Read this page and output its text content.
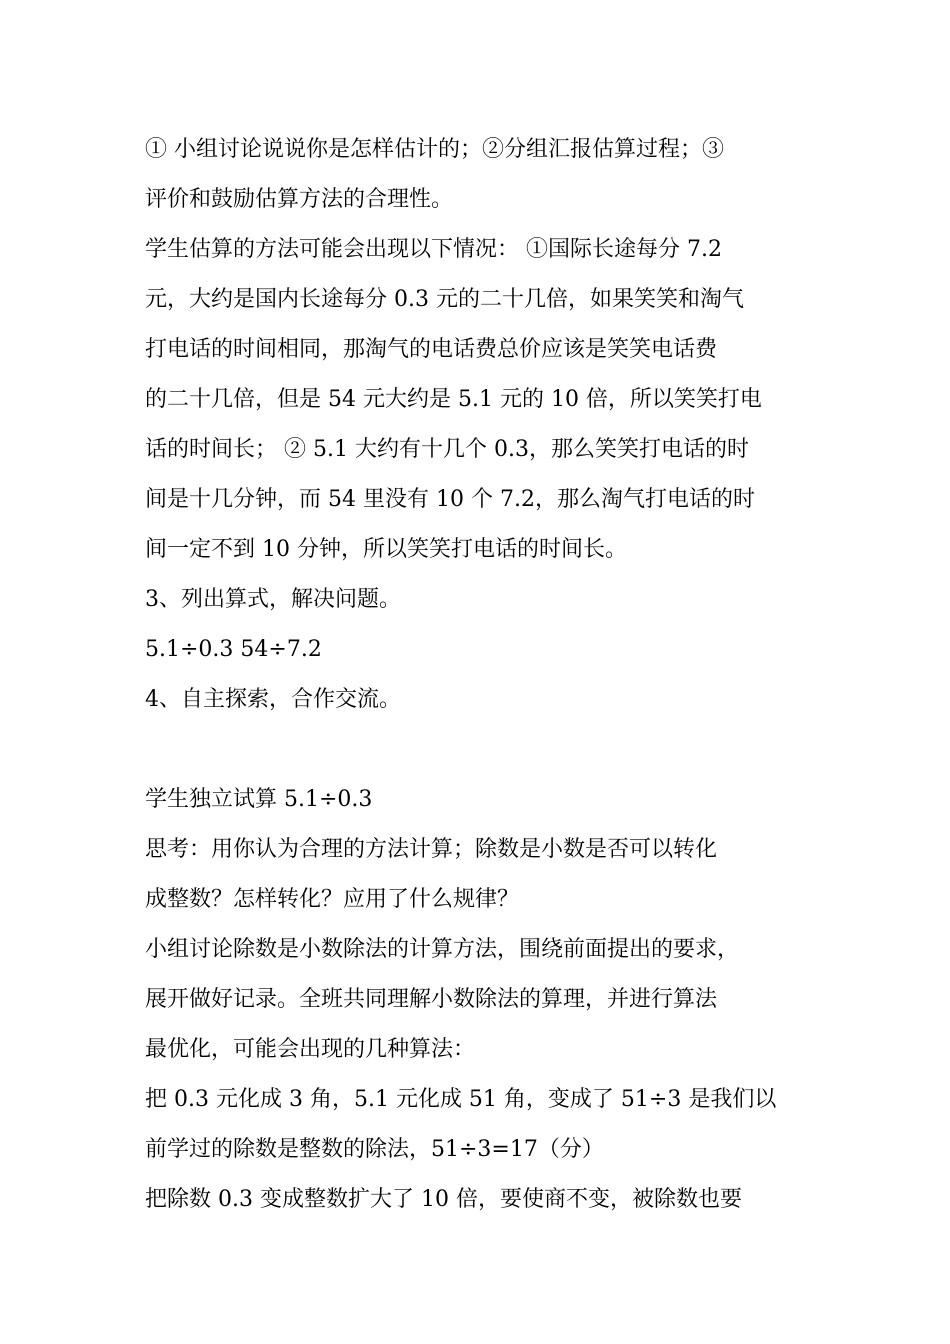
① 小组讨论说说你是怎样估计的；②分组汇报估算过程；③
评价和鼓励估算方法的合理性。
学生估算的方法可能会出现以下情况： ①国际长途每分 7.2
元，大约是国内长途每分 0.3 元的二十几倍，如果笑笑和淘气
打电话的时间相同，那淘气的电话费总价应该是笑笑电话费
的二十几倍，但是 54 元大约是 5.1 元的 10 倍，所以笑笑打电
话的时间长； ② 5.1 大约有十几个 0.3，那么笑笑打电话的时
间是十几分钟，而 54 里没有 10 个 7.2，那么淘气打电话的时
间一定不到 10 分钟，所以笑笑打电话的时间长。
3、列出算式，解决问题。
5.1÷0.3 54÷7.2
4、自主探索，合作交流。
学生独立试算 5.1÷0.3
思考：用你认为合理的方法计算；除数是小数是否可以转化
成整数？怎样转化？应用了什么规律？
小组讨论除数是小数除法的计算方法，围绕前面提出的要求，
展开做好记录。全班共同理解小数除法的算理，并进行算法
最优化，可能会出现的几种算法：
把 0.3 元化成 3 角，5.1 元化成 51 角，变成了 51÷3 是我们以
前学过的除数是整数的除法，51÷3=17（分）
把除数 0.3 变成整数扩大了 10 倍，要使商不变，被除数也要
